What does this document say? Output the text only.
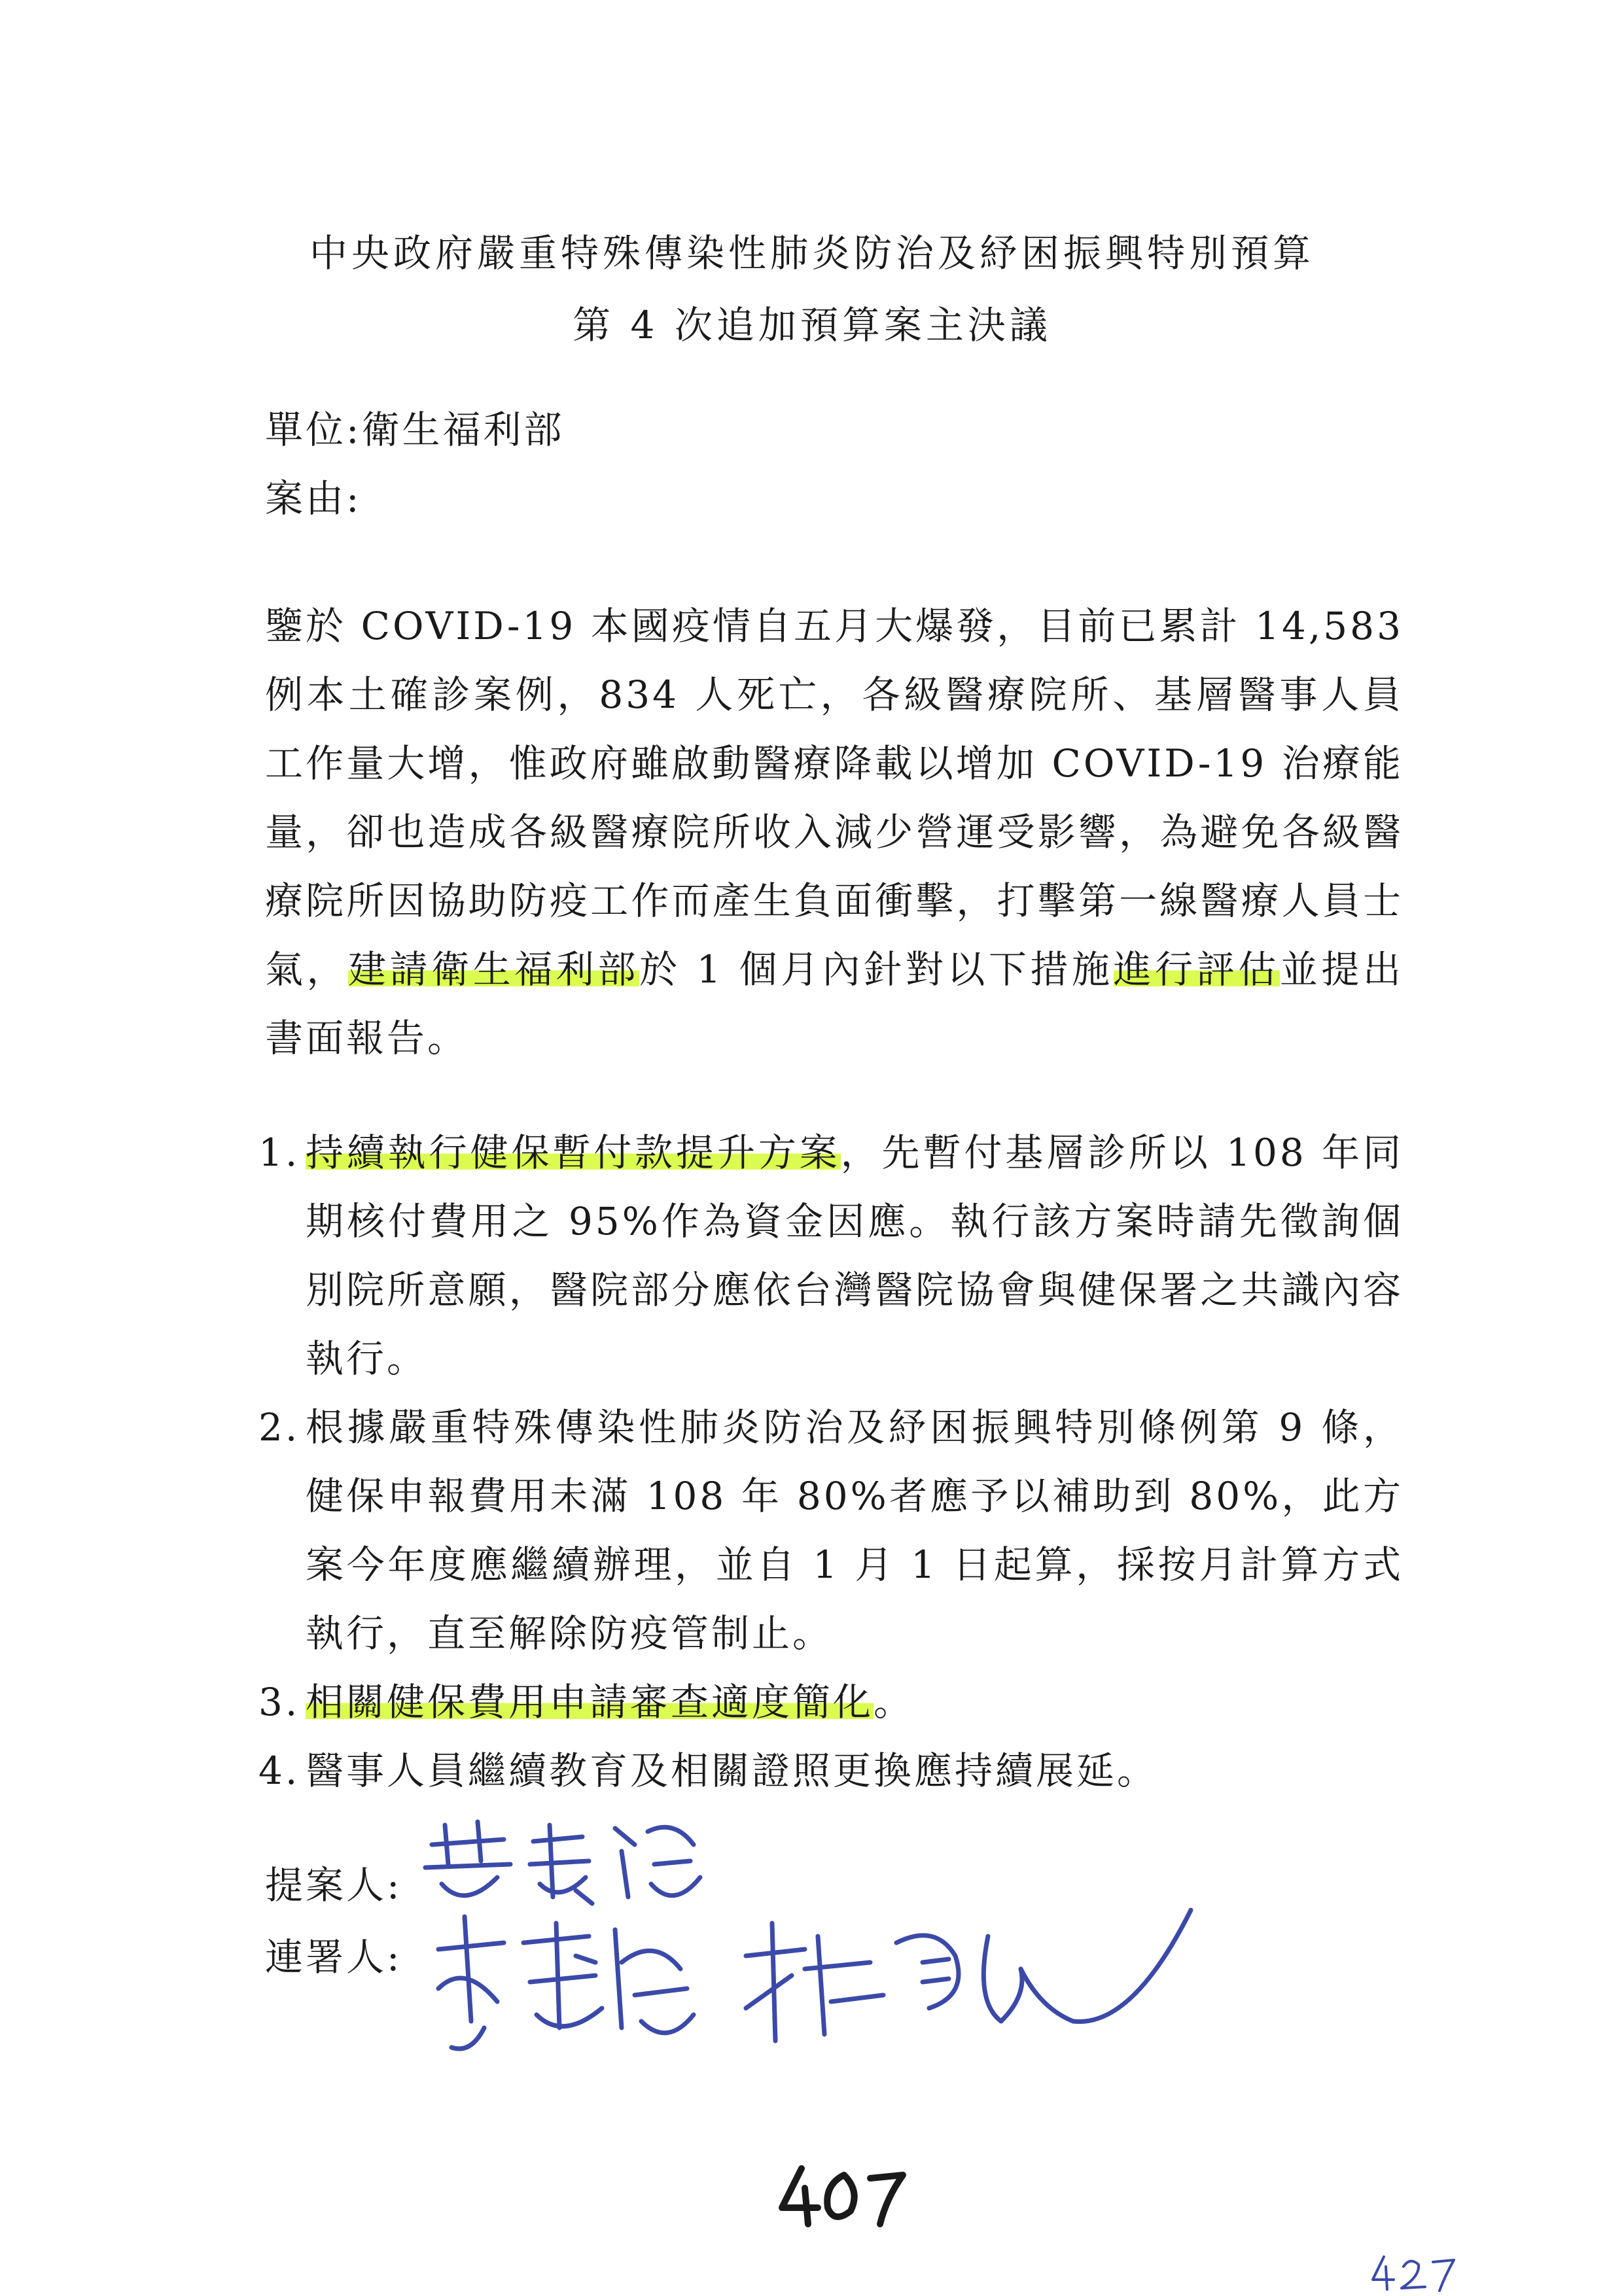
中央政府嚴重特殊傳染性肺炎防治及紓困振興特別預算
第 4 次追加預算案主決議
單位:衛生福利部
案由:
鑒於 COVID-19 本國疫情自五月大爆發，目前已累計 14,583 例本土確診案例，834 人死亡，各級醫療院所、基層醫事人員工作量大增，惟政府雖啟動醫療降載以增加 COVID-19 治療能量，卻也造成各級醫療院所收入減少營運受影響，為避免各級醫療院所因協助防疫工作而產生負面衝擊，打擊第一線醫療人員士氣，建請衛生福利部於 1 個月內針對以下措施進行評估並提出書面報告。
1. 持續執行健保暫付款提升方案，先暫付基層診所以 108 年同期核付費用之 95%作為資金因應。執行該方案時請先徵詢個別院所意願，醫院部分應依台灣醫院協會與健保署之共識內容執行。
2. 根據嚴重特殊傳染性肺炎防治及紓困振興特別條例第 9 條，健保申報費用未滿 108 年 80%者應予以補助到 80%，此方案今年度應繼續辦理，並自 1 月 1 日起算，採按月計算方式執行，直至解除防疫管制止。
3. 相關健保費用申請審查適度簡化。
4. 醫事人員繼續教育及相關證照更換應持續展延。
提案人:
連署人:
